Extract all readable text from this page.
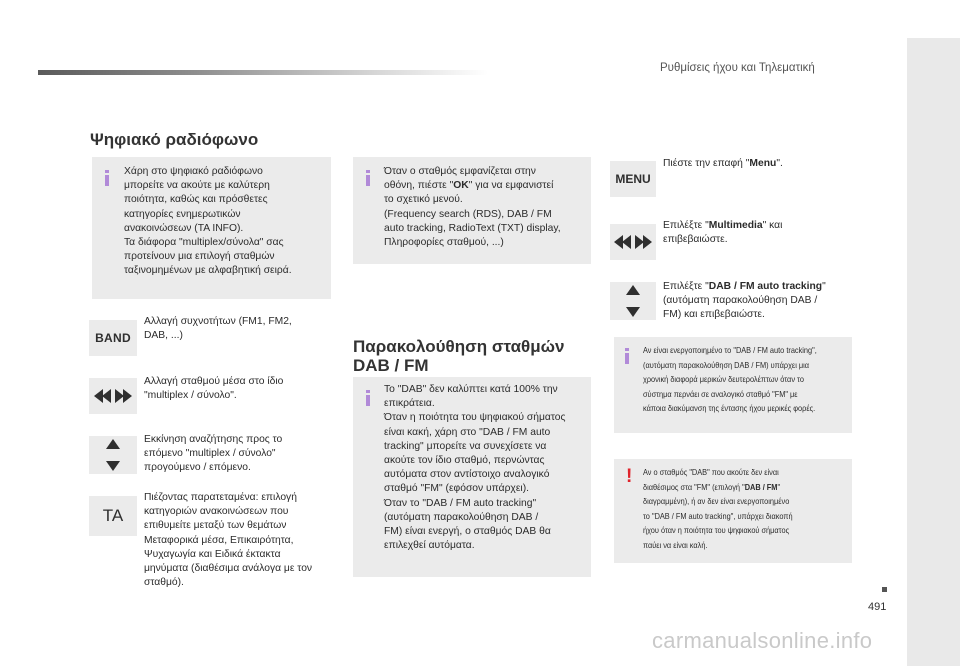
Ρυθμίσεις ήχου και Τηλεματική
491
carmanualsonline.info
Ψηφιακό ραδιόφωνο
Χάρη στο ψηφιακό ραδιόφωνο
μπορείτε να ακούτε με καλύτερη
ποιότητα, καθώς και πρόσθετες
κατηγορίες ενημερωτικών
ανακοινώσεων (TA INFO).
Τα διάφορα "multiplex/σύνολα" σας
προτείνουν μια επιλογή σταθμών
ταξινομημένων με αλφαβητική σειρά.
BAND
Αλλαγή συχνοτήτων (FM1, FM2,
DAB, ...)
Αλλαγή σταθμού μέσα στο ίδιο
"multiplex / σύνολο".
Εκκίνηση αναζήτησης προς το
επόμενο "multiplex / σύνολο"
προγούμενο / επόμενο.
TA
Πιέζοντας παρατεταμένα: επιλογή
κατηγοριών ανακοινώσεων που
επιθυμείτε μεταξύ των θεμάτων
Μεταφορικά μέσα, Επικαιρότητα,
Ψυχαγωγία και Ειδικά έκτακτα
μηνύματα (διαθέσιμα ανάλογα με τον
σταθμό).
Όταν ο σταθμός εμφανίζεται στην
οθόνη, πιέστε "OK" για να εμφανιστεί
το σχετικό μενού.
(Frequency search (RDS), DAB / FM
auto tracking, RadioText (TXT) display,
Πληροφορίες σταθμού, ...)
Παρακολούθηση σταθμών
DAB / FM
Το "DAB" δεν καλύπτει κατά 100% την
επικράτεια.
Όταν η ποιότητα του ψηφιακού σήματος
είναι κακή, χάρη στο "DAB / FM auto
tracking" μπορείτε να συνεχίσετε να
ακούτε τον ίδιο σταθμό, περνώντας
αυτόματα στον αντίστοιχο αναλογικό
σταθμό "FM" (εφόσον υπάρχει).
Όταν το "DAB / FM auto tracking"
(αυτόματη παρακολούθηση DAB /
FM) είναι ενεργή, ο σταθμός DAB θα
επιλεχθεί αυτόματα.
MENU
Πιέστε την επαφή "Menu".
Επιλέξτε "Multimedia" και
επιβεβαιώστε.
Επιλέξτε "DAB / FM auto tracking"
(αυτόματη παρακολούθηση DAB /
FM) και επιβεβαιώστε.
Αν είναι ενεργοποιημένο το "DAB / FM auto tracking",
(αυτόματη παρακολούθηση DAB / FM) υπάρχει μια
χρονική διαφορά μερικών δευτερολέπτων όταν το
σύστημα περνάει σε αναλογικό σταθμό "FM" με
κάποια διακύμανση της έντασης ήχου μερικές φορές.
! Αν ο σταθμός "DAB" που ακούτε δεν είναι
διαθέσιμος στα "FM" (επιλογή "DAB / FM"
διαγραμμένη), ή αν δεν είναι ενεργοποιημένο
το "DAB / FM auto tracking", υπάρχει διακοπή
ήχου όταν η ποιότητα του ψηφιακού σήματος
παύει να είναι καλή.
